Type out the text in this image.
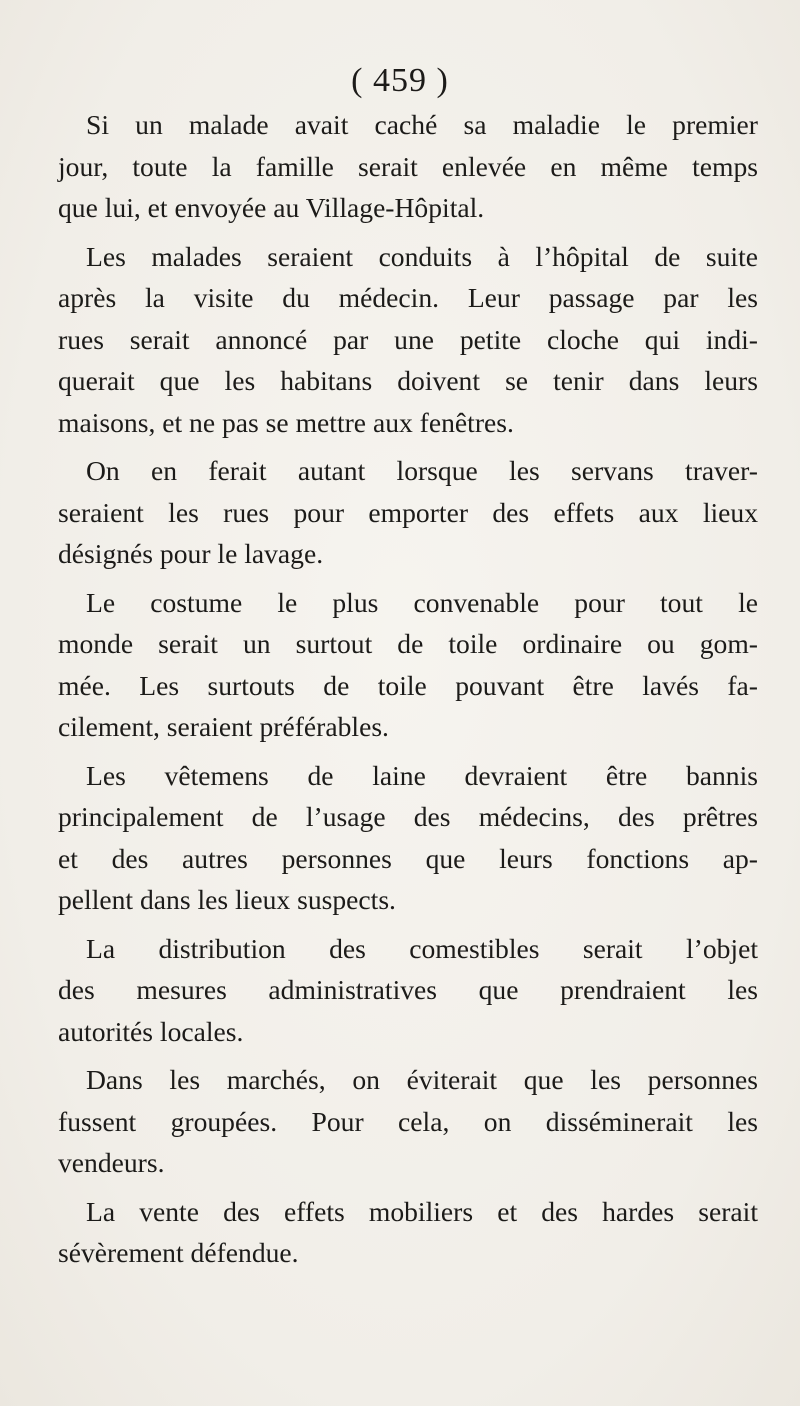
( 459 )
Si un malade avait caché sa maladie le premier
jour, toute la famille serait enlevée en même temps
que lui, et envoyée au Village-Hôpital.
Les malades seraient conduits à l’hôpital de suite
après la visite du médecin. Leur passage par les
rues serait annoncé par une petite cloche qui indi-
querait que les habitans doivent se tenir dans leurs
maisons, et ne pas se mettre aux fenêtres.
On en ferait autant lorsque les servans traver-
seraient les rues pour emporter des effets aux lieux
désignés pour le lavage.
Le costume le plus convenable pour tout le
monde serait un surtout de toile ordinaire ou gom-
mée. Les surtouts de toile pouvant être lavés fa-
cilement, seraient préférables.
Les vêtemens de laine devraient être bannis
principalement de l’usage des médecins, des prêtres
et des autres personnes que leurs fonctions ap-
pellent dans les lieux suspects.
La distribution des comestibles serait l’objet
des mesures administratives que prendraient les
autorités locales.
Dans les marchés, on éviterait que les personnes
fussent groupées. Pour cela, on disséminerait les
vendeurs.
La vente des effets mobiliers et des hardes serait
sévèrement défendue.
